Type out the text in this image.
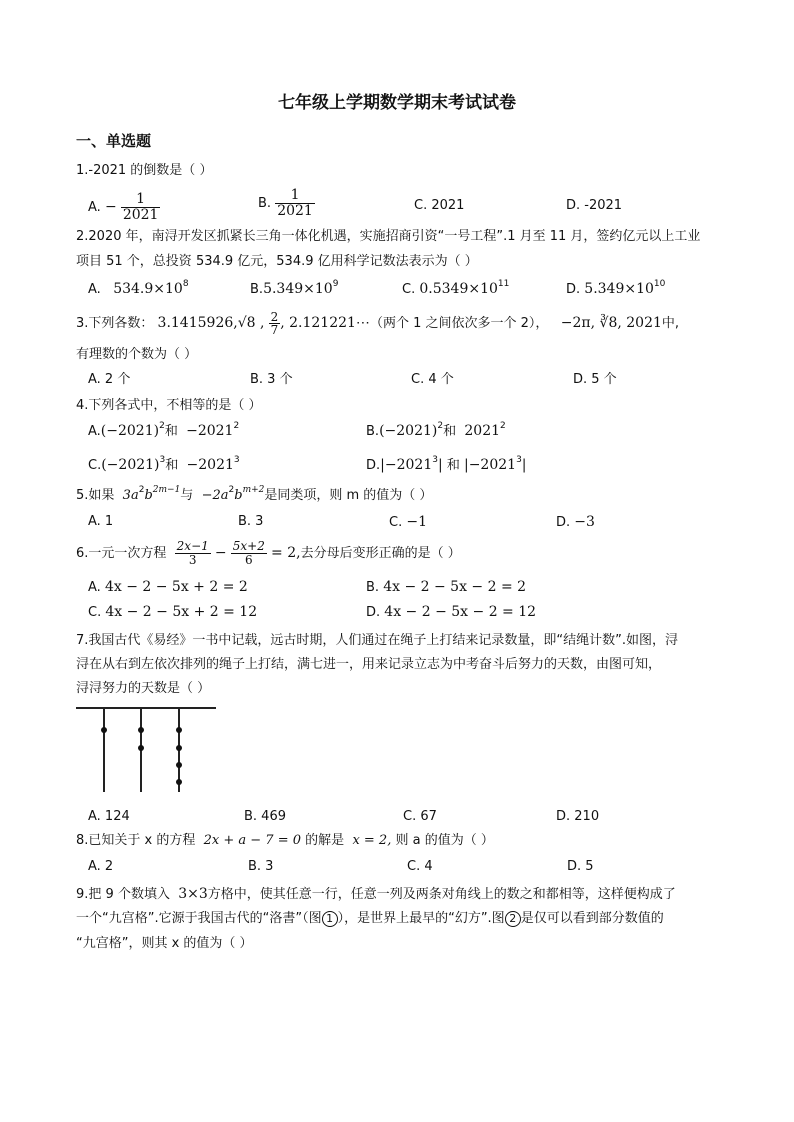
七年级上学期数学期末考试试卷
一、单选题
1.-2021 的倒数是（ ）
A. − $\frac{1}{2021}$	B. $\frac{1}{2021}$	C. 2021	D. -2021
2.2020 年，南浔开发区抓紧长三角一体化机遇，实施招商引资“一号工程”.1 月至 11 月，签约亿元以上工业
项目 51 个，总投资 534.9 亿元，534.9 亿用科学记数法表示为（ ）
A. $534.9\times 10^8$	$B.5.349\times 10^9$	C. $0.5349\times 10^{11}$	D. $5.349\times 10^{10}$
3.下列各数： 3.1415926,√8 , $\frac{2}{7}$ , 2.121221⋯（两个 1 之间依次多一个 2）， −2π, ∛8, 2021中,
有理数的个数为（ ）
A. 2 个	B. 3 个	C. 4 个	D. 5 个
4.下列各式中，不相等的是（ ）
$A.(-2021)^2$和 $-2021^2$	$B.(-2021)^2$和 2021$^2$
$C.(-2021)^3$和 $-2021^3$	$D.|-2021^3|$ 和 $|-2021^3|$
5.如果 $3a^2b^{2m-1}$与 $-2a^2b^{m+2}$是同类项，则 m 的值为（ ）
A. 1	B. 3	C. −1	D. −3
6.一元一次方程 $\frac{2x-1}{3} - \frac{5x+2}{6} = 2$,去分母后变形正确的是（ ）
A. 4x − 2 − 5x + 2 = 2	B. 4x − 2 − 5x − 2 = 2
C. 4x − 2 − 5x + 2 = 12	D. 4x − 2 − 5x − 2 = 12
7.我国古代《易经》一书中记载，远古时期，人们通过在绳子上打结来记录数量，即“结绳计数”.如图，浔
浔在从右到左依次排列的绳子上打结，满七进一，用来记录立志为中考奋斗后努力的天数，由图可知，
浔浔努力的天数是（ ）
A. 124	B. 469	C. 67	D. 210
8.已知关于 x 的方程 2x + a − 7 = 0 的解是 x = 2, 则 a 的值为（ ）
A. 2	B. 3	C. 4	D. 5
9.把 9 个数填入 3×3方格中，使其任意一行，任意一列及两条对角线上的数之和都相等，这样便构成了
一个“九宫格”.它源于我国古代的“洛書”（图 1 ），是世界上最早的“幻方”.图 2 是仅可以看到部分数值的
“九宫格”，则其 x 的值为（ ）
